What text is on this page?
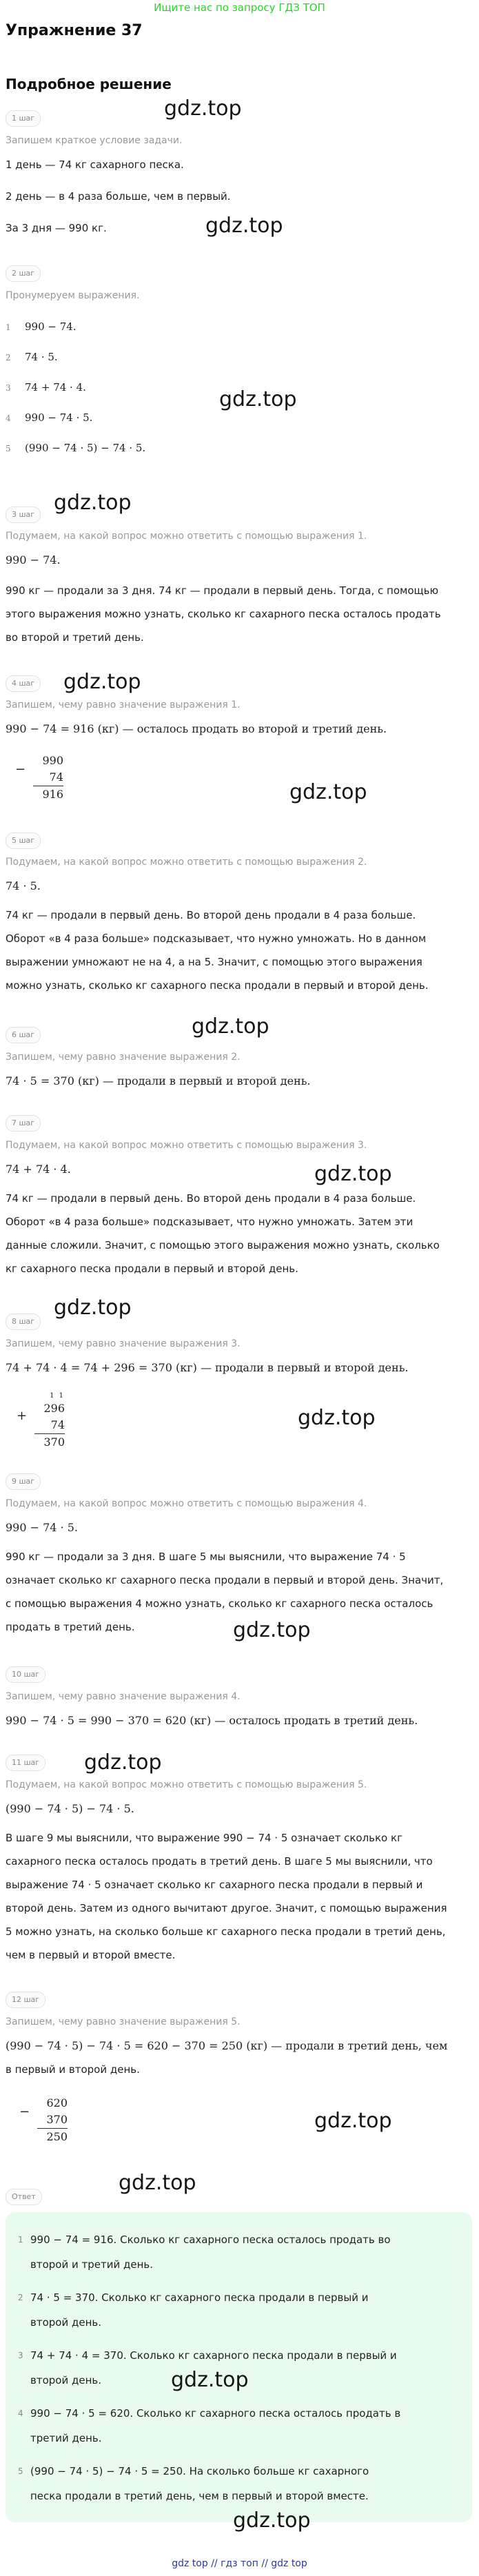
Ищите нас по запросу ГДЗ ТОП
Упражнение 37
Подробное решение
1 шаг
Запишем краткое условие задачи.
1 день — 74 кг сахарного песка.
2 день — в 4 раза больше, чем в первый.
За 3 дня — 990 кг.
gdz.top
gdz.top
2 шаг
Пронумеруем выражения.
1 990 − 74.
2 74 · 5.
3 74 + 74 · 4.
4 990 − 74 · 5.
5 (990 − 74 · 5) − 74 · 5.
gdz.top
3 шаг gdz.top
Подумаем, на какой вопрос можно ответить с помощью выражения 1.
990 − 74.
990 кг — продали за 3 дня. 74 кг — продали в первый день. Тогда, с помощью
этого выражения можно узнать, сколько кг сахарного песка осталось продать
во второй и третий день.
4 шаг	gdz.top
Запишем, чему равно значение выражения 1.
990 − 74 = 916 (кг) — осталось продать во второй и третий день.
−
990
74
916	gdz.top
5 шаг
Подумаем, на какой вопрос можно ответить с помощью выражения 2.
74 · 5.
74 кг — продали в первый день. Во второй день продали в 4 раза больше.
Оборот «в 4 раза больше» подсказывает, что нужно умножать. Но в данном
выражении умножают не на 4, а на 5. Значит, с помощью этого выражения
можно узнать, сколько кг сахарного песка продали в первый и второй день.
gdz.top
6 шаг
Запишем, чему равно значение выражения 2.
74 · 5 = 370 (кг) — продали в первый и второй день.
7 шаг
Подумаем, на какой вопрос можно ответить с помощью выражения 3.
74 + 74 · 4.	gdz.top
74 кг — продали в первый день. Во второй день продали в 4 раза больше.
Оборот «в 4 раза больше» подсказывает, что нужно умножать. Затем эти
данные сложили. Значит, с помощью этого выражения можно узнать, сколько
кг сахарного песка продали в первый и второй день.
gdz.top
8 шаг
Запишем, чему равно значение выражения 3.
74 + 74 · 4 = 74 + 296 = 370 (кг) — продали в первый и второй день.
+
1 1
296
74
370
gdz.top
9 шаг
Подумаем, на какой вопрос можно ответить с помощью выражения 4.
990 − 74 · 5.
990 кг — продали за 3 дня. В шаге 5 мы выяснили, что выражение 74 · 5
означает сколько кг сахарного песка продали в первый и второй день. Значит,
с помощью выражения 4 можно узнать, сколько кг сахарного песка осталось
продать в третий день.	gdz.top
10 шаг
Запишем, чему равно значение выражения 4.
990 − 74 · 5 = 990 − 370 = 620 (кг) — осталось продать в третий день.
11 шаг	gdz.top
Подумаем, на какой вопрос можно ответить с помощью выражения 5.
(990 − 74 · 5) − 74 · 5.
В шаге 9 мы выяснили, что выражение 990 − 74 · 5 означает сколько кг
сахарного песка осталось продать в третий день. В шаге 5 мы выяснили, что
выражение 74 · 5 означает сколько кг сахарного песка продали в первый и
второй день. Затем из одного вычитают другое. Значит, с помощью выражения
5 можно узнать, на сколько больше кг сахарного песка продали в третий день,
чем в первый и второй вместе.
12 шаг
Запишем, чему равно значение выражения 5.
(990 − 74 · 5) − 74 · 5 = 620 − 370 = 250 (кг) — продали в третий день, чем
в первый и второй день.
−
620
370
250
gdz.top
Ответ
gdz.top
1 990 − 74 = 916. Сколько кг сахарного песка осталось продать во
второй и третий день.
2 74 · 5 = 370. Сколько кг сахарного песка продали в первый и
второй день.
3 74 + 74 · 4 = 370. Сколько кг сахарного песка продали в первый и
второй день.
4 990 − 74 · 5 = 620. Сколько кг сахарного песка осталось продать в
третий день.
5 (990 − 74 · 5) − 74 · 5 = 250. На сколько больше кг сахарного
песка продали в третий день, чем в первый и второй вместе.
gdz.top
gdz.top
gdz top // гдз топ // gdz top
